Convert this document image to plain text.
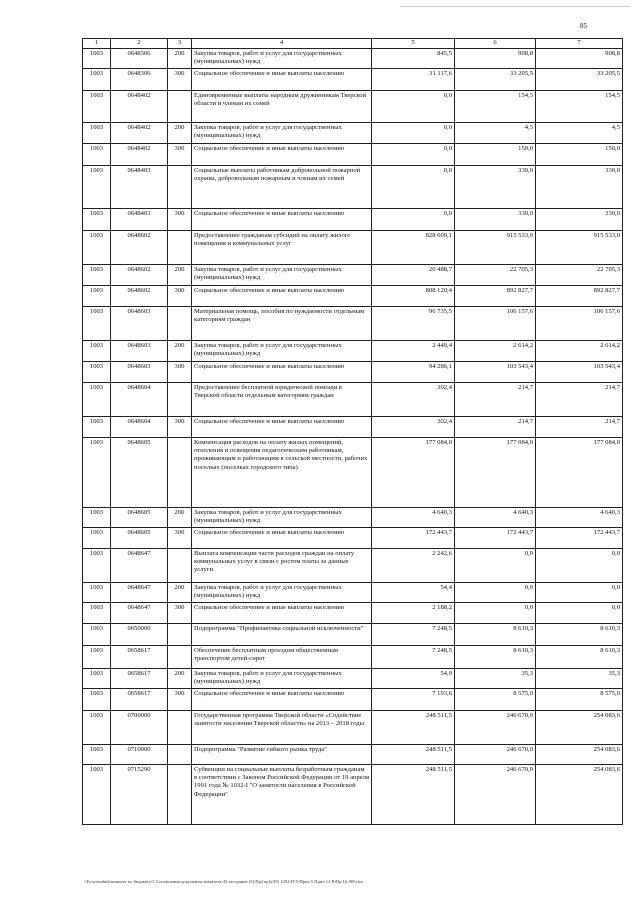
85
1	2	3	4	5	6	7
1003	0648306	200	Закупка товаров, работ и услуг для государственных (муниципальных) нужд	845,5	908,8	908,8
1003	0648306	300	Социальное обеспечение и иные выплаты населению	31 117,6	33 205,5	33 205,5
1003	0648402		Единовременные выплаты народным дружинникам Тверской области и членам их семей	0,0	154,5	154,5
1003	0648402	200	Закупка товаров, работ и услуг для государственных (муниципальных) нужд	0,0	4,5	4,5
1003	0648402	300	Социальное обеспечение и иные выплаты населению	0,0	150,0	150,0
1003	0648403		Социальные выплаты работникам добровольной пожарной охраны, добровольным пожарным и членам их семей	0,0	330,0	330,0
1003	0648403	300	Социальное обеспечение и иные выплаты населению	0,0	330,0	330,0
1003	0648602		Предоставление гражданам субсидий на оплату жилого помещения и коммунальных услуг	828 609,1	915 533,0	915 533,0
1003	0648602	200	Закупка товаров, работ и услуг для государственных (муниципальных) нужд	20 488,7	22 705,3	22 705,3
1003	0648602	300	Социальное обеспечение и иные выплаты населению	808 120,4	892 827,7	892 827,7
1003	0648603		Материальная помощь, пособия по нуждаемости отдельным категориям граждан	96 735,5	106 157,6	106 157,6
1003	0648603	200	Закупка товаров, работ и услуг для государственных (муниципальных) нужд	2 449,4	2 614,2	2 614,2
1003	0648603	300	Социальное обеспечение и иные выплаты населению	94 286,1	103 543,4	103 543,4
1003	0648604		Предоставление бесплатной юридической помощи в Тверской области отдельным категориям граждан	302,4	214,7	214,7
1003	0648604	300	Социальное обеспечение и иные выплаты населению	302,4	214,7	214,7
1003	0648605		Компенсация расходов на оплату жилых помещений, отопления и освещения педагогическим работникам, проживающим и работающим в сельской местности, рабочих поселках (поселках городского типа)	177 084,0	177 084,0	177 084,0
1003	0648605	200	Закупка товаров, работ и услуг для государственных (муниципальных) нужд	4 640,3	4 640,3	4 640,3
1003	0648605	300	Социальное обеспечение и иные выплаты населению	172 443,7	172 443,7	172 443,7
1003	0648647		Выплата компенсации части расходов граждан на оплату коммунальных услуг в связи с ростом платы за данные услуги	2 242,6	0,0	0,0
1003	0648647	200	Закупка товаров, работ и услуг для государственных (муниципальных) нужд	54,4	0,0	0,0
1003	0648647	300	Социальное обеспечение и иные выплаты населению	2 188,2	0,0	0,0
1003	0650000		Подпрограмма "Профилактика социальной исключенности"	7 248,5	8 610,3	8 610,3
1003	0658617		Обеспечение бесплатным проездом общественным транспортом детей-сирот	7 248,5	8 610,3	8 610,3
1003	0658617	200	Закупка товаров, работ и услуг для государственных (муниципальных) нужд	54,9	35,3	35,3
1003	0658617	300	Социальное обеспечение и иные выплаты населению	7 193,6	8 575,0	8 575,0
1003	0700000		Государственная программа Тверской области «Содействие занятости населения Тверской области» на 2013 – 2018 годы	248 511,5	246 670,0	254 083,6
1003	0710000		Подпрограмма "Развитие гибкого рынка труда"	248 511,5	246 670,0	254 083,6
1003	0715290		Субвенции на социальные выплаты безработным гражданам в соответствии с Законом Российской Федерации от 19 апреля 1991 года № 1032-I "О занятости населения в Российской Федерации"	248 511,5	246 670,0	254 083,6
\\Fs-sotrudnik\комитет по бюджету\5 Соглашения\документы комитета\45 заседание (5)\Пр\(пр)\(49) 1292-П-5\Прил 5 Прил 12 РзПр Цс ВР.xlsx
